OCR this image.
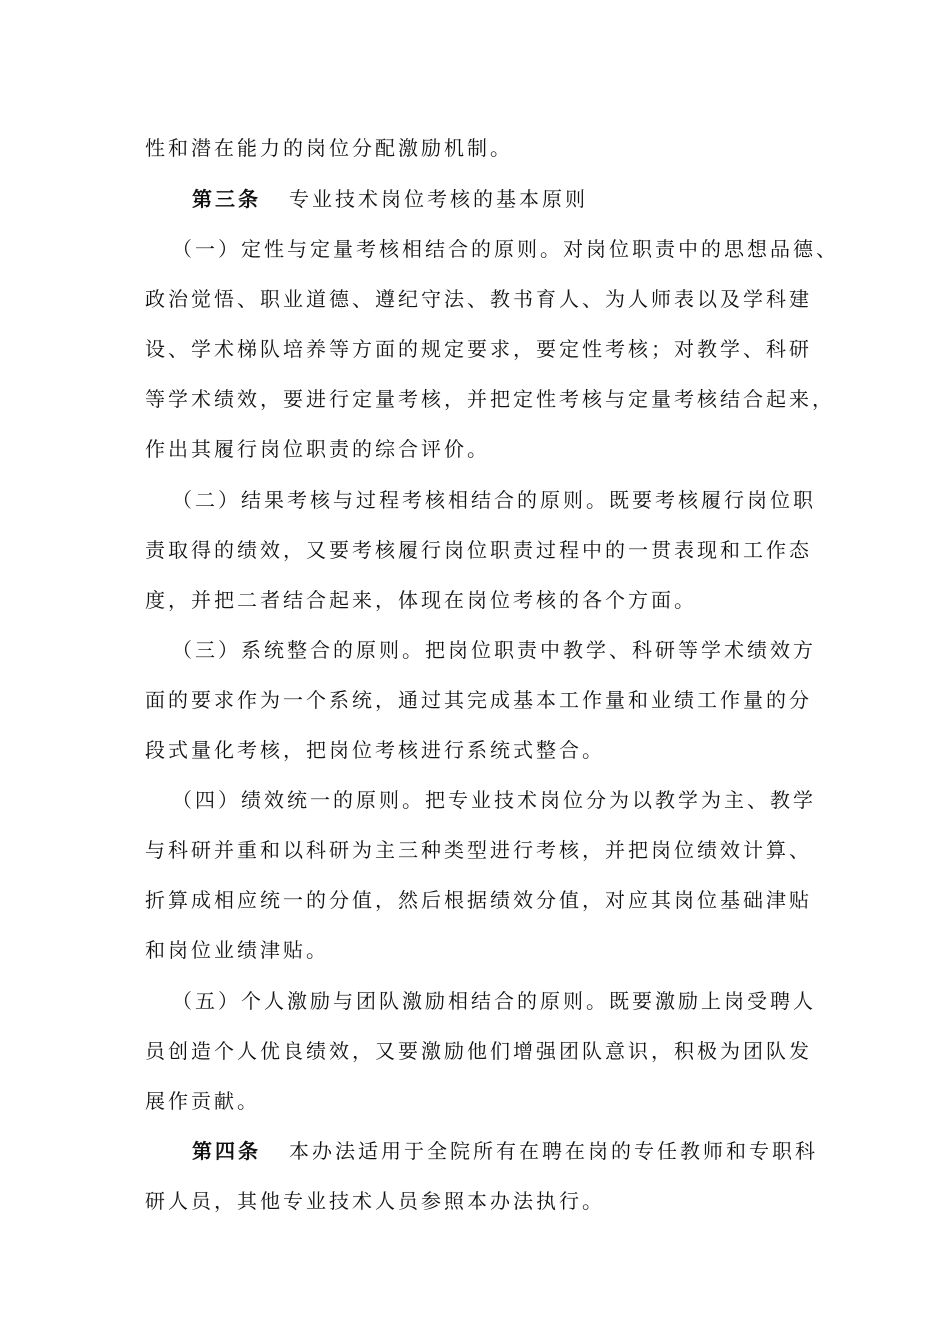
性和潜在能力的岗位分配激励机制。
第三条 专业技术岗位考核的基本原则
（一）定性与定量考核相结合的原则。对岗位职责中的思想品德、
政治觉悟、职业道德、遵纪守法、教书育人、为人师表以及学科建
设、学术梯队培养等方面的规定要求，要定性考核；对教学、科研
等学术绩效，要进行定量考核，并把定性考核与定量考核结合起来，
作出其履行岗位职责的综合评价。
（二）结果考核与过程考核相结合的原则。既要考核履行岗位职
责取得的绩效，又要考核履行岗位职责过程中的一贯表现和工作态
度，并把二者结合起来，体现在岗位考核的各个方面。
（三）系统整合的原则。把岗位职责中教学、科研等学术绩效方
面的要求作为一个系统，通过其完成基本工作量和业绩工作量的分
段式量化考核，把岗位考核进行系统式整合。
（四）绩效统一的原则。把专业技术岗位分为以教学为主、教学
与科研并重和以科研为主三种类型进行考核，并把岗位绩效计算、
折算成相应统一的分值，然后根据绩效分值，对应其岗位基础津贴
和岗位业绩津贴。
（五）个人激励与团队激励相结合的原则。既要激励上岗受聘人
员创造个人优良绩效，又要激励他们增强团队意识，积极为团队发
展作贡献。
第四条 本办法适用于全院所有在聘在岗的专任教师和专职科
研人员，其他专业技术人员参照本办法执行。
